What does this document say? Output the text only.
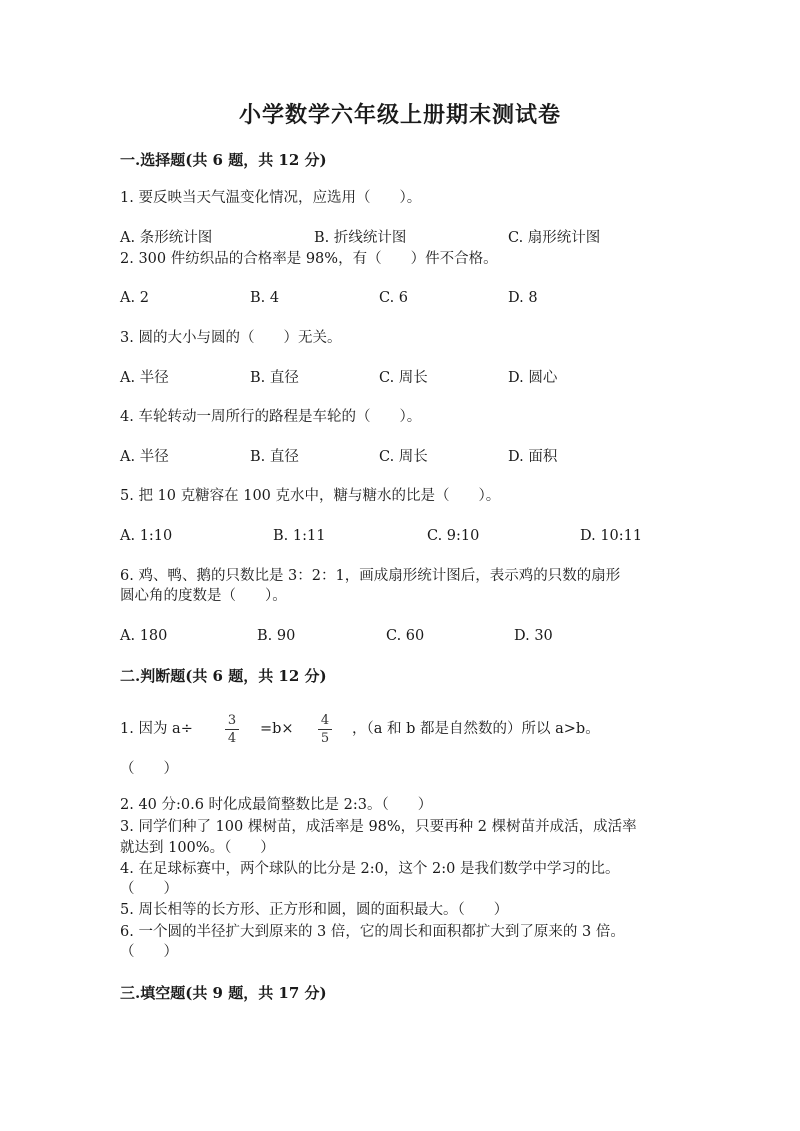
小学数学六年级上册期末测试卷
一.选择题(共 6 题，共 12 分)
1. 要反映当天气温变化情况，应选用（　　）。
A. 条形统计图	B. 折线统计图	C. 扇形统计图
2. 300 件纺织品的合格率是 98%，有（　　）件不合格。
A. 2	B. 4	C. 6	D. 8
3. 圆的大小与圆的（　　）无关。
A. 半径	B. 直径	C. 周长	D. 圆心
4. 车轮转动一周所行的路程是车轮的（　　）。
A. 半径	B. 直径	C. 周长	D. 面积
5. 把 10 克糖容在 100 克水中，糖与糖水的比是（　　）。
A. 1:10	B. 1:11	C. 9:10	D. 10:11
6. 鸡、鸭、鹅的只数比是 3：2：1，画成扇形统计图后，表示鸡的只数的扇形
圆心角的度数是（　　）。
A. 180	B. 90	C. 60	D. 30
二.判断题(共 6 题，共 12 分)
1. 因为 a÷
3
4
=b×
4
5
，（a 和 b 都是自然数的）所以 a>b。
（　　）
2. 40 分:0.6 时化成最简整数比是 2:3。（　　）
3. 同学们种了 100 棵树苗，成活率是 98%，只要再种 2 棵树苗并成活，成活率
就达到 100%。（　　）
4. 在足球标赛中，两个球队的比分是 2:0，这个 2:0 是我们数学中学习的比。
（　　）
5. 周长相等的长方形、正方形和圆，圆的面积最大。（　　）
6. 一个圆的半径扩大到原来的 3 倍，它的周长和面积都扩大到了原来的 3 倍。
（　　）
三.填空题(共 9 题，共 17 分)
